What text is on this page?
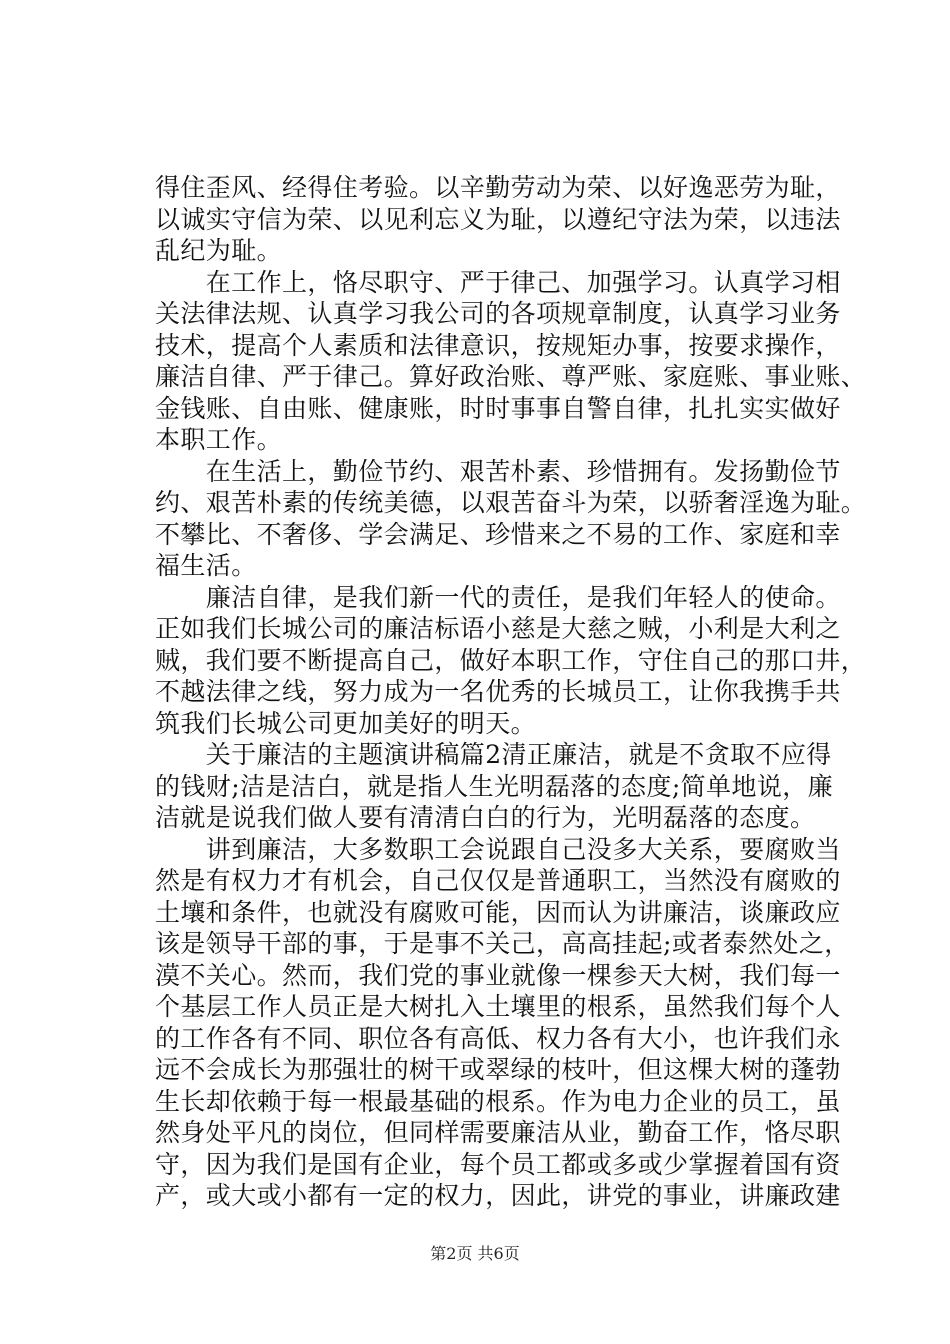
得住歪风、经得住考验。以辛勤劳动为荣、以好逸恶劳为耻，
以诚实守信为荣、以见利忘义为耻，以遵纪守法为荣，以违法
乱纪为耻。
　　在工作上，恪尽职守、严于律己、加强学习。认真学习相
关法律法规、认真学习我公司的各项规章制度，认真学习业务
技术，提高个人素质和法律意识，按规矩办事，按要求操作，
廉洁自律、严于律己。算好政治账、尊严账、家庭账、事业账、
金钱账、自由账、健康账，时时事事自警自律，扎扎实实做好
本职工作。
　　在生活上，勤俭节约、艰苦朴素、珍惜拥有。发扬勤俭节
约、艰苦朴素的传统美德，以艰苦奋斗为荣，以骄奢淫逸为耻。
不攀比、不奢侈、学会满足、珍惜来之不易的工作、家庭和幸
福生活。
　　廉洁自律，是我们新一代的责任，是我们年轻人的使命。
正如我们长城公司的廉洁标语小慈是大慈之贼，小利是大利之
贼，我们要不断提高自己，做好本职工作，守住自己的那口井，
不越法律之线，努力成为一名优秀的长城员工，让你我携手共
筑我们长城公司更加美好的明天。
　　关于廉洁的主题演讲稿篇2清正廉洁，就是不贪取不应得
的钱财;洁是洁白，就是指人生光明磊落的态度;简单地说，廉
洁就是说我们做人要有清清白白的行为，光明磊落的态度。
　　讲到廉洁，大多数职工会说跟自己没多大关系，要腐败当
然是有权力才有机会，自己仅仅是普通职工，当然没有腐败的
土壤和条件，也就没有腐败可能，因而认为讲廉洁，谈廉政应
该是领导干部的事，于是事不关己，高高挂起;或者泰然处之，
漠不关心。然而，我们党的事业就像一棵参天大树，我们每一
个基层工作人员正是大树扎入土壤里的根系，虽然我们每个人
的工作各有不同、职位各有高低、权力各有大小，也许我们永
远不会成长为那强壮的树干或翠绿的枝叶，但这棵大树的蓬勃
生长却依赖于每一根最基础的根系。作为电力企业的员工，虽
然身处平凡的岗位，但同样需要廉洁从业，勤奋工作，恪尽职
守，因为我们是国有企业，每个员工都或多或少掌握着国有资
产，或大或小都有一定的权力，因此，讲党的事业，讲廉政建
第2页 共6页
